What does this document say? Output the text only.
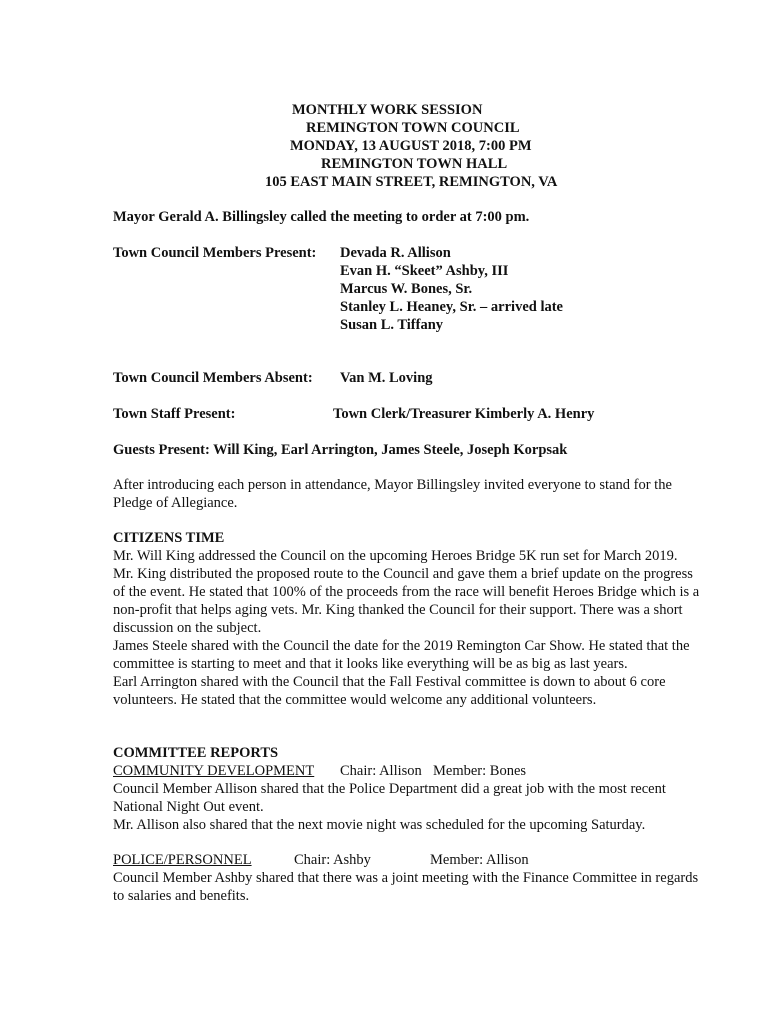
MONTHLY WORK SESSION
REMINGTON TOWN COUNCIL
MONDAY, 13 AUGUST 2018, 7:00 PM
REMINGTON TOWN HALL
105 EAST MAIN STREET, REMINGTON, VA
Mayor Gerald A. Billingsley called the meeting to order at 7:00 pm.
Town Council Members Present: Devada R. Allison
Evan H. “Skeet” Ashby, III
Marcus W. Bones, Sr.
Stanley L. Heaney, Sr. – arrived late
Susan L. Tiffany
Town Council Members Absent: Van M. Loving
Town Staff Present:	Town Clerk/Treasurer Kimberly A. Henry
Guests Present: Will King, Earl Arrington, James Steele, Joseph Korpsak
After introducing each person in attendance, Mayor Billingsley invited everyone to stand for the
Pledge of Allegiance.
CITIZENS TIME
Mr. Will King addressed the Council on the upcoming Heroes Bridge 5K run set for March 2019.
Mr. King distributed the proposed route to the Council and gave them a brief update on the progress
of the event. He stated that 100% of the proceeds from the race will benefit Heroes Bridge which is a
non-profit that helps aging vets. Mr. King thanked the Council for their support. There was a short
discussion on the subject.
James Steele shared with the Council the date for the 2019 Remington Car Show. He stated that the
committee is starting to meet and that it looks like everything will be as big as last years.
Earl Arrington shared with the Council that the Fall Festival committee is down to about 6 core
volunteers. He stated that the committee would welcome any additional volunteers.
COMMITTEE REPORTS
COMMUNITY DEVELOPMENT Chair: Allison Member: Bones
Council Member Allison shared that the Police Department did a great job with the most recent
National Night Out event.
Mr. Allison also shared that the next movie night was scheduled for the upcoming Saturday.
POLICE/PERSONNEL	Chair: Ashby	Member: Allison
Council Member Ashby shared that there was a joint meeting with the Finance Committee in regards
to salaries and benefits.
